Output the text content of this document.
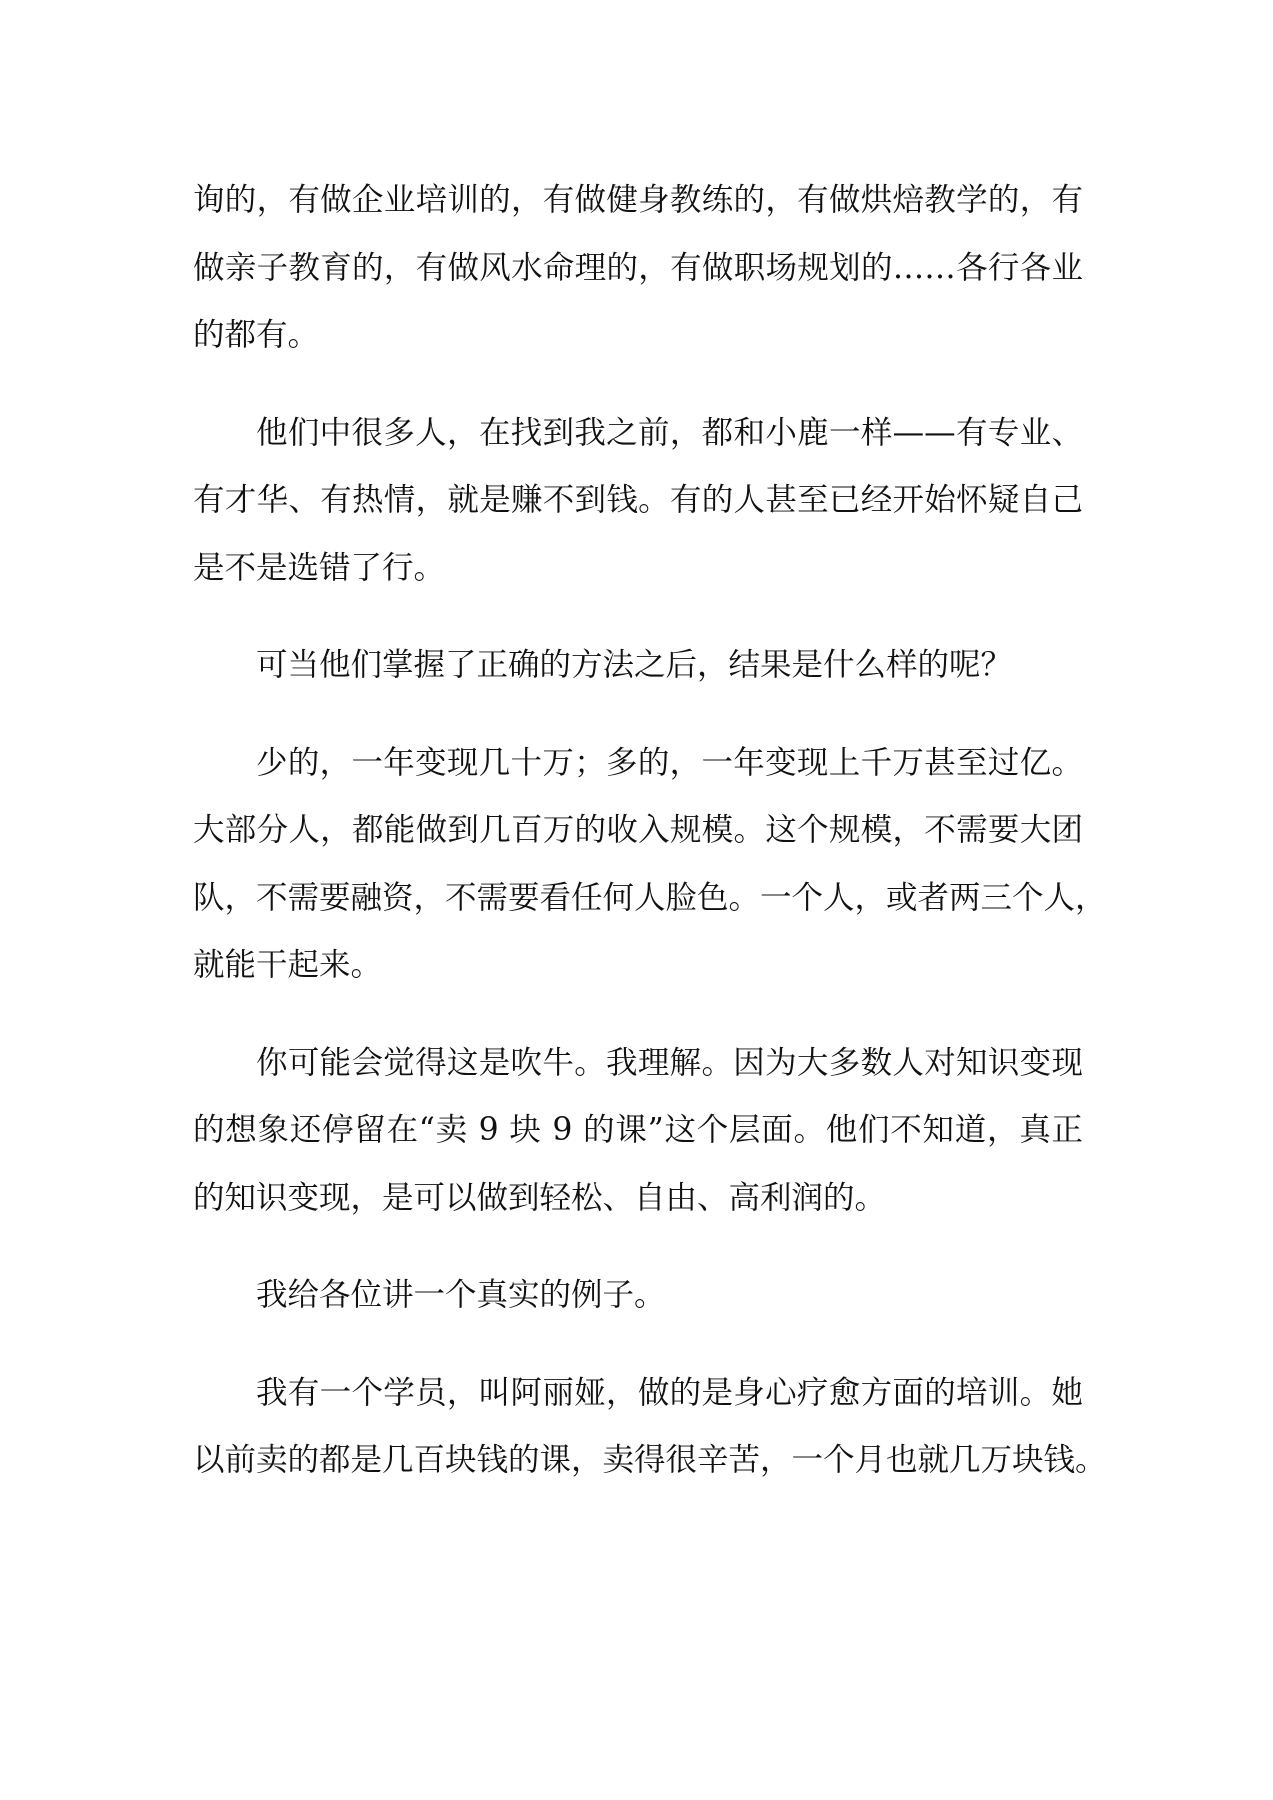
询的，有做企业培训的，有做健身教练的，有做烘焙教学的，有
做亲子教育的，有做风水命理的，有做职场规划的……各行各业
的都有。
他们中很多人，在找到我之前，都和小鹿一样——有专业、
有才华、有热情，就是赚不到钱。有的人甚至已经开始怀疑自己
是不是选错了行。
可当他们掌握了正确的方法之后，结果是什么样的呢？
少的，一年变现几十万；多的，一年变现上千万甚至过亿。
大部分人，都能做到几百万的收入规模。这个规模，不需要大团
队，不需要融资，不需要看任何人脸色。一个人，或者两三个人，
就能干起来。
你可能会觉得这是吹牛。我理解。因为大多数人对知识变现
的想象还停留在“卖 9 块 9 的课”这个层面。他们不知道，真正
的知识变现，是可以做到轻松、自由、高利润的。
我给各位讲一个真实的例子。
我有一个学员，叫阿丽娅，做的是身心疗愈方面的培训。她
以前卖的都是几百块钱的课，卖得很辛苦，一个月也就几万块钱。
